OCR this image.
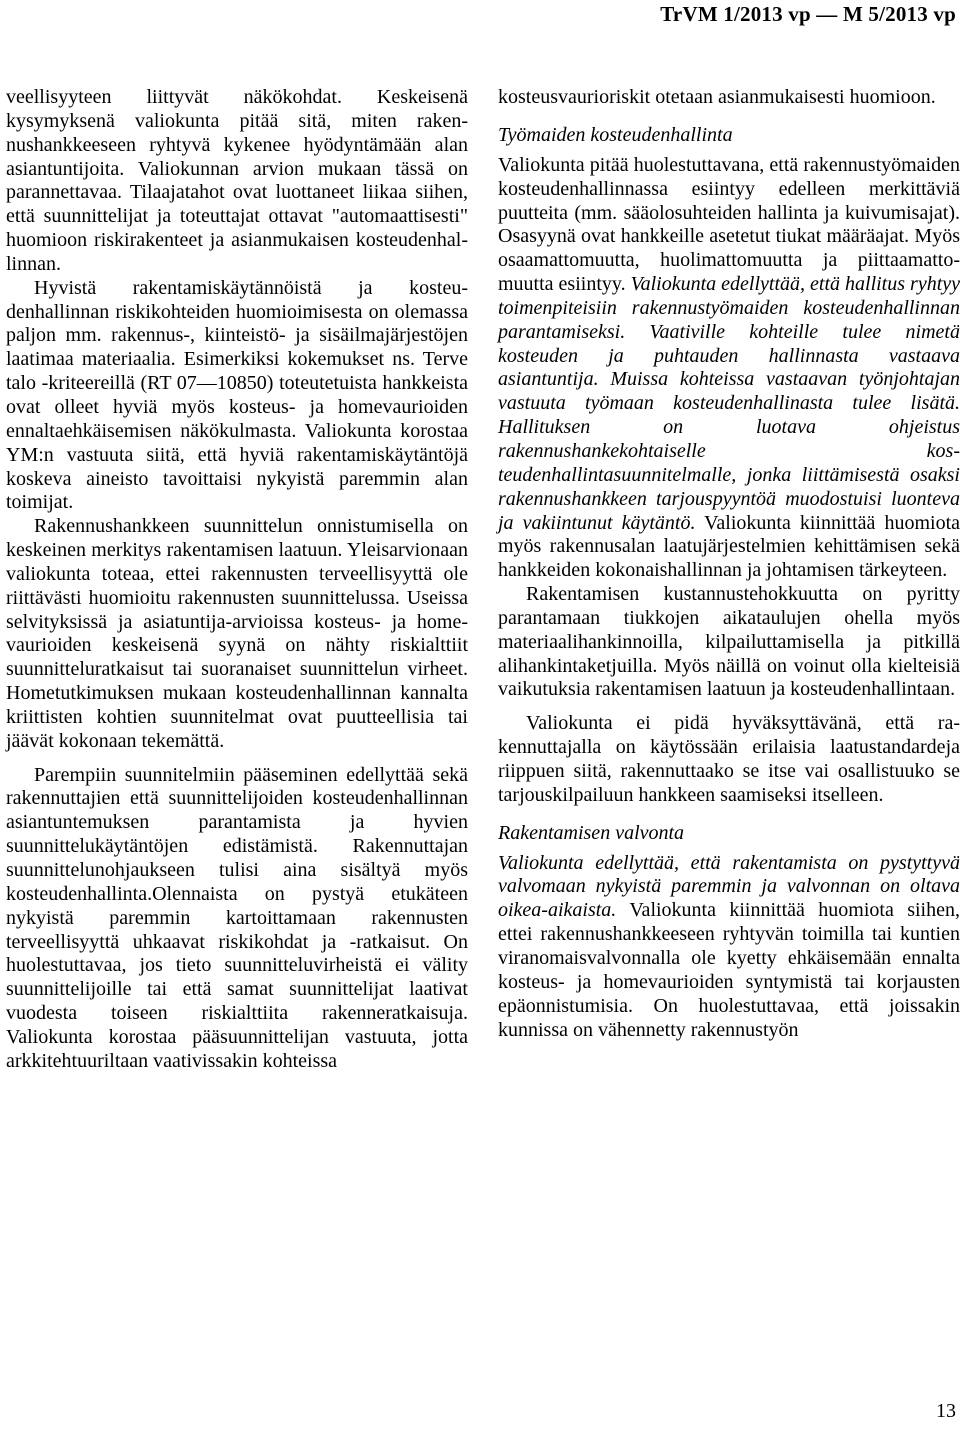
TrVM 1/2013 vp — M 5/2013 vp

veellisyyteen liittyvät näkökohdat. Keskeisenä kysymyksenä valiokunta pitää sitä, miten rakennushankkeeseen ryhtyvä kykenee hyödyntämään alan asiantuntijoita. Valiokunnan arvion mukaan tässä on parannettavaa. Tilaajatahot ovat luottaneet liikaa siihen, että suunnittelijat ja toteuttajat ottavat "automaattisesti" huomioon riskirakenteet ja asianmukaisen kosteudenhallinnan.

Hyvistä rakentamiskäytännöistä ja kosteudenhallinnan riskikohteiden huomioimisesta on olemassa paljon mm. rakennus-, kiinteistö- ja sisäilmajärjestöjen laatimaa materiaalia. Esimerkiksi kokemukset ns. Terve talo -kriteereillä (RT 07—10850) toteutetuista hankkeista ovat olleet hyviä myös kosteus- ja homevaurioiden ennaltaehkäisemisen näkökulmasta. Valiokunta korostaa YM:n vastuuta siitä, että hyviä rakentamiskäytäntöjä koskeva aineisto tavoittaisi nykyistä paremmin alan toimijat.

Rakennushankkeen suunnittelun onnistumisella on keskeinen merkitys rakentamisen laatuun. Yleisarvionaan valiokunta toteaa, ettei rakennusten terveellisyyttä ole riittävästi huomioitu rakennusten suunnittelussa. Useissa selvityksissä ja asiatuntija-arvioissa kosteus- ja homevaurioiden keskeisenä syynä on nähty riskialttiit suunnitteluratkaisut tai suoranaiset suunnittelun virheet. Hometutkimuksen mukaan kosteudenhallinnan kannalta kriittisten kohtien suunnitelmat ovat puutteellisia tai jäävät kokonaan tekemättä.

Parempiin suunnitelmiin pääseminen edellyttää sekä rakennuttajien että suunnittelijoiden kosteudenhallinnan asiantuntemuksen parantamista ja hyvien suunnittelukäytäntöjen edistämistä. Rakennuttajan suunnittelunohjaukseen tulisi aina sisältyä myös kosteudenhallinta.Olennaista on pystyä etukäteen nykyistä paremmin kartoittamaan rakennusten terveellisyyttä uhkaavat riskikohdat ja -ratkaisut. On huolestuttavaa, jos tieto suunnitteluvirheistä ei välity suunnittelijoille tai että samat suunnittelijat laativat vuodesta toiseen riskialttiita rakenneratkaisuja. Valiokunta korostaa pääsuunnittelijan vastuuta, jotta arkkitehtuuriltaan vaativissakin kohteissa

kosteusvaurioriskit otetaan asianmukaisesti huomioon.

Työmaiden kosteudenhallinta

Valiokunta pitää huolestuttavana, että rakennustyömaiden kosteudenhallinnassa esiintyy edelleen merkittäviä puutteita (mm. sääolosuhteiden hallinta ja kuivumisajat). Osasyynä ovat hankkeille asetetut tiukat määräajat. Myös osaamattomuutta, huolimattomuutta ja piittaamattomuutta esiintyy. Valiokunta edellyttää, että hallitus ryhtyy toimenpiteisiin rakennustyömaiden kosteudenhallinnan parantamiseksi. Vaativille kohteille tulee nimetä kosteuden ja puhtauden hallinnasta vastaava asiantuntija. Muissa kohteissa vastaavan työnjohtajan vastuuta työmaan kosteudenhallinasta tulee lisätä. Hallituksen on luotava ohjeistus rakennushankekohtaiselle kosteudenhallintasuunnitelmalle, jonka liittämisestä osaksi rakennushankkeen tarjouspyyntöä muodostuisi luonteva ja vakiintunut käytäntö. Valiokunta kiinnittää huomiota myös rakennusalan laatujärjestelmien kehittämisen sekä hankkeiden kokonaishallinnan ja johtamisen tärkeyteen.

Rakentamisen kustannustehokkuutta on pyritty parantamaan tiukkojen aikataulujen ohella myös materiaalihankinnoilla, kilpailuttamisella ja pitkillä alihankintaketjuilla. Myös näillä on voinut olla kielteisiä vaikutuksia rakentamisen laatuun ja kosteudenhallintaan.

Valiokunta ei pidä hyväksyttävänä, että rakennuttajalla on käytössään erilaisia laatustandardeja riippuen siitä, rakennuttaako se itse vai osallistuuko se tarjouskilpailuun hankkeen saamiseksi itselleen.

Rakentamisen valvonta

Valiokunta edellyttää, että rakentamista on pystyttyvä valvomaan nykyistä paremmin ja valvonnan on oltava oikea-aikaista. Valiokunta kiinnittää huomiota siihen, ettei rakennushankkeeseen ryhtyvän toimilla tai kuntien viranomaisvalvonnalla ole kyetty ehkäisemään ennalta kosteus- ja homevaurioiden syntymistä tai korjausten epäonnistumisia. On huolestuttavaa, että joissakin kunnissa on vähennetty rakennustyön

13
